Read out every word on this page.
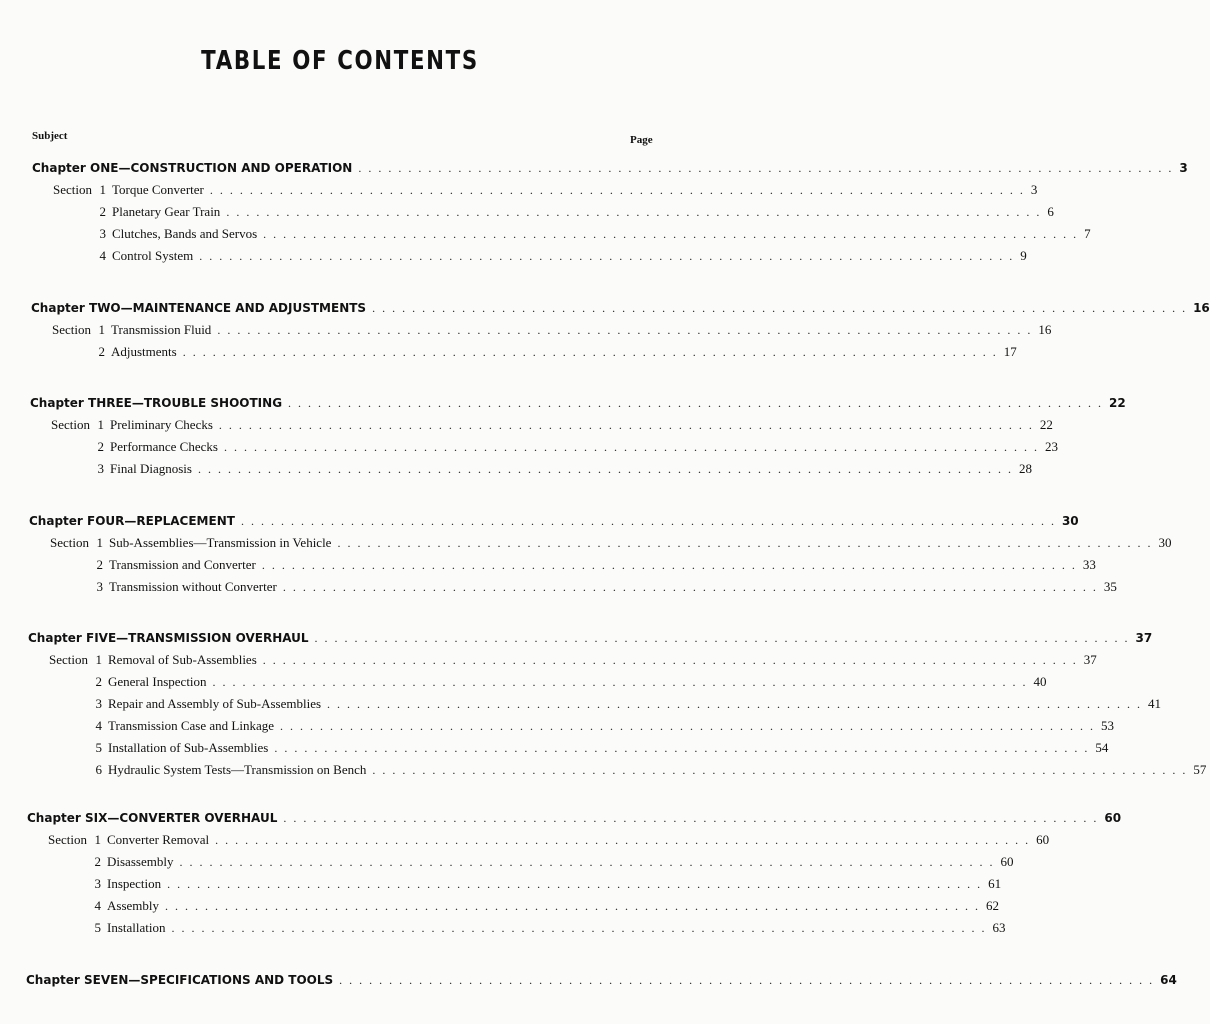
TABLE OF CONTENTS
Subject	Page
Chapter ONE—CONSTRUCTION AND OPERATION . . . . . . . . . . . . . . . . . . . . . . . . . . . . . . . . . . . . . . . . . . . . . . . . . . . . . . . . . . . . . . . . . . . . . . . . . . . . . . . . . . 3
Section 1 Torque Converter . . . . . . . . . . . . . . . . . . . . . . . . . . . . . . . . . . . . . . . . . . . . . . . . . . . . . . . . . . . . . . . . . . . . . . . . . . . . . . . . . . 3
2 Planetary Gear Train . . . . . . . . . . . . . . . . . . . . . . . . . . . . . . . . . . . . . . . . . . . . . . . . . . . . . . . . . . . . . . . . . . . . . . . . . . . . . . . . . . 6
3 Clutches, Bands and Servos . . . . . . . . . . . . . . . . . . . . . . . . . . . . . . . . . . . . . . . . . . . . . . . . . . . . . . . . . . . . . . . . . . . . . . . . . . . . . . . . . . 7
4 Control System . . . . . . . . . . . . . . . . . . . . . . . . . . . . . . . . . . . . . . . . . . . . . . . . . . . . . . . . . . . . . . . . . . . . . . . . . . . . . . . . . . 9
Chapter TWO—MAINTENANCE AND ADJUSTMENTS . . . . . . . . . . . . . . . . . . . . . . . . . . . . . . . . . . . . . . . . . . . . . . . . . . . . . . . . . . . . . . . . . . . . . . . . . . . . . . . . . . 16
Section 1 Transmission Fluid . . . . . . . . . . . . . . . . . . . . . . . . . . . . . . . . . . . . . . . . . . . . . . . . . . . . . . . . . . . . . . . . . . . . . . . . . . . . . . . . . . 16
2 Adjustments . . . . . . . . . . . . . . . . . . . . . . . . . . . . . . . . . . . . . . . . . . . . . . . . . . . . . . . . . . . . . . . . . . . . . . . . . . . . . . . . . . 17
Chapter THREE—TROUBLE SHOOTING . . . . . . . . . . . . . . . . . . . . . . . . . . . . . . . . . . . . . . . . . . . . . . . . . . . . . . . . . . . . . . . . . . . . . . . . . . . . . . . . . . 22
Section 1 Preliminary Checks . . . . . . . . . . . . . . . . . . . . . . . . . . . . . . . . . . . . . . . . . . . . . . . . . . . . . . . . . . . . . . . . . . . . . . . . . . . . . . . . . . 22
2 Performance Checks . . . . . . . . . . . . . . . . . . . . . . . . . . . . . . . . . . . . . . . . . . . . . . . . . . . . . . . . . . . . . . . . . . . . . . . . . . . . . . . . . . 23
3 Final Diagnosis . . . . . . . . . . . . . . . . . . . . . . . . . . . . . . . . . . . . . . . . . . . . . . . . . . . . . . . . . . . . . . . . . . . . . . . . . . . . . . . . . . 28
Chapter FOUR—REPLACEMENT . . . . . . . . . . . . . . . . . . . . . . . . . . . . . . . . . . . . . . . . . . . . . . . . . . . . . . . . . . . . . . . . . . . . . . . . . . . . . . . . . . 30
Section 1 Sub-Assemblies—Transmission in Vehicle . . . . . . . . . . . . . . . . . . . . . . . . . . . . . . . . . . . . . . . . . . . . . . . . . . . . . . . . . . . . . . . . . . . . . . . . . . . . . . . . . . 30
2 Transmission and Converter . . . . . . . . . . . . . . . . . . . . . . . . . . . . . . . . . . . . . . . . . . . . . . . . . . . . . . . . . . . . . . . . . . . . . . . . . . . . . . . . . . 33
3 Transmission without Converter . . . . . . . . . . . . . . . . . . . . . . . . . . . . . . . . . . . . . . . . . . . . . . . . . . . . . . . . . . . . . . . . . . . . . . . . . . . . . . . . . . 35
Chapter FIVE—TRANSMISSION OVERHAUL . . . . . . . . . . . . . . . . . . . . . . . . . . . . . . . . . . . . . . . . . . . . . . . . . . . . . . . . . . . . . . . . . . . . . . . . . . . . . . . . . . 37
Section 1 Removal of Sub-Assemblies . . . . . . . . . . . . . . . . . . . . . . . . . . . . . . . . . . . . . . . . . . . . . . . . . . . . . . . . . . . . . . . . . . . . . . . . . . . . . . . . . . 37
2 General Inspection . . . . . . . . . . . . . . . . . . . . . . . . . . . . . . . . . . . . . . . . . . . . . . . . . . . . . . . . . . . . . . . . . . . . . . . . . . . . . . . . . . 40
3 Repair and Assembly of Sub-Assemblies . . . . . . . . . . . . . . . . . . . . . . . . . . . . . . . . . . . . . . . . . . . . . . . . . . . . . . . . . . . . . . . . . . . . . . . . . . . . . . . . . . 41
4 Transmission Case and Linkage . . . . . . . . . . . . . . . . . . . . . . . . . . . . . . . . . . . . . . . . . . . . . . . . . . . . . . . . . . . . . . . . . . . . . . . . . . . . . . . . . . 53
5 Installation of Sub-Assemblies . . . . . . . . . . . . . . . . . . . . . . . . . . . . . . . . . . . . . . . . . . . . . . . . . . . . . . . . . . . . . . . . . . . . . . . . . . . . . . . . . . 54
6 Hydraulic System Tests—Transmission on Bench . . . . . . . . . . . . . . . . . . . . . . . . . . . . . . . . . . . . . . . . . . . . . . . . . . . . . . . . . . . . . . . . . . . . . . . . . . . . . . . . . . 57
Chapter SIX—CONVERTER OVERHAUL . . . . . . . . . . . . . . . . . . . . . . . . . . . . . . . . . . . . . . . . . . . . . . . . . . . . . . . . . . . . . . . . . . . . . . . . . . . . . . . . . . 60
Section 1 Converter Removal . . . . . . . . . . . . . . . . . . . . . . . . . . . . . . . . . . . . . . . . . . . . . . . . . . . . . . . . . . . . . . . . . . . . . . . . . . . . . . . . . . 60
2 Disassembly . . . . . . . . . . . . . . . . . . . . . . . . . . . . . . . . . . . . . . . . . . . . . . . . . . . . . . . . . . . . . . . . . . . . . . . . . . . . . . . . . . 60
3 Inspection . . . . . . . . . . . . . . . . . . . . . . . . . . . . . . . . . . . . . . . . . . . . . . . . . . . . . . . . . . . . . . . . . . . . . . . . . . . . . . . . . . 61
4 Assembly . . . . . . . . . . . . . . . . . . . . . . . . . . . . . . . . . . . . . . . . . . . . . . . . . . . . . . . . . . . . . . . . . . . . . . . . . . . . . . . . . . 62
5 Installation . . . . . . . . . . . . . . . . . . . . . . . . . . . . . . . . . . . . . . . . . . . . . . . . . . . . . . . . . . . . . . . . . . . . . . . . . . . . . . . . . . 63
Chapter SEVEN—SPECIFICATIONS AND TOOLS . . . . . . . . . . . . . . . . . . . . . . . . . . . . . . . . . . . . . . . . . . . . . . . . . . . . . . . . . . . . . . . . . . . . . . . . . . . . . . . . . . 64
